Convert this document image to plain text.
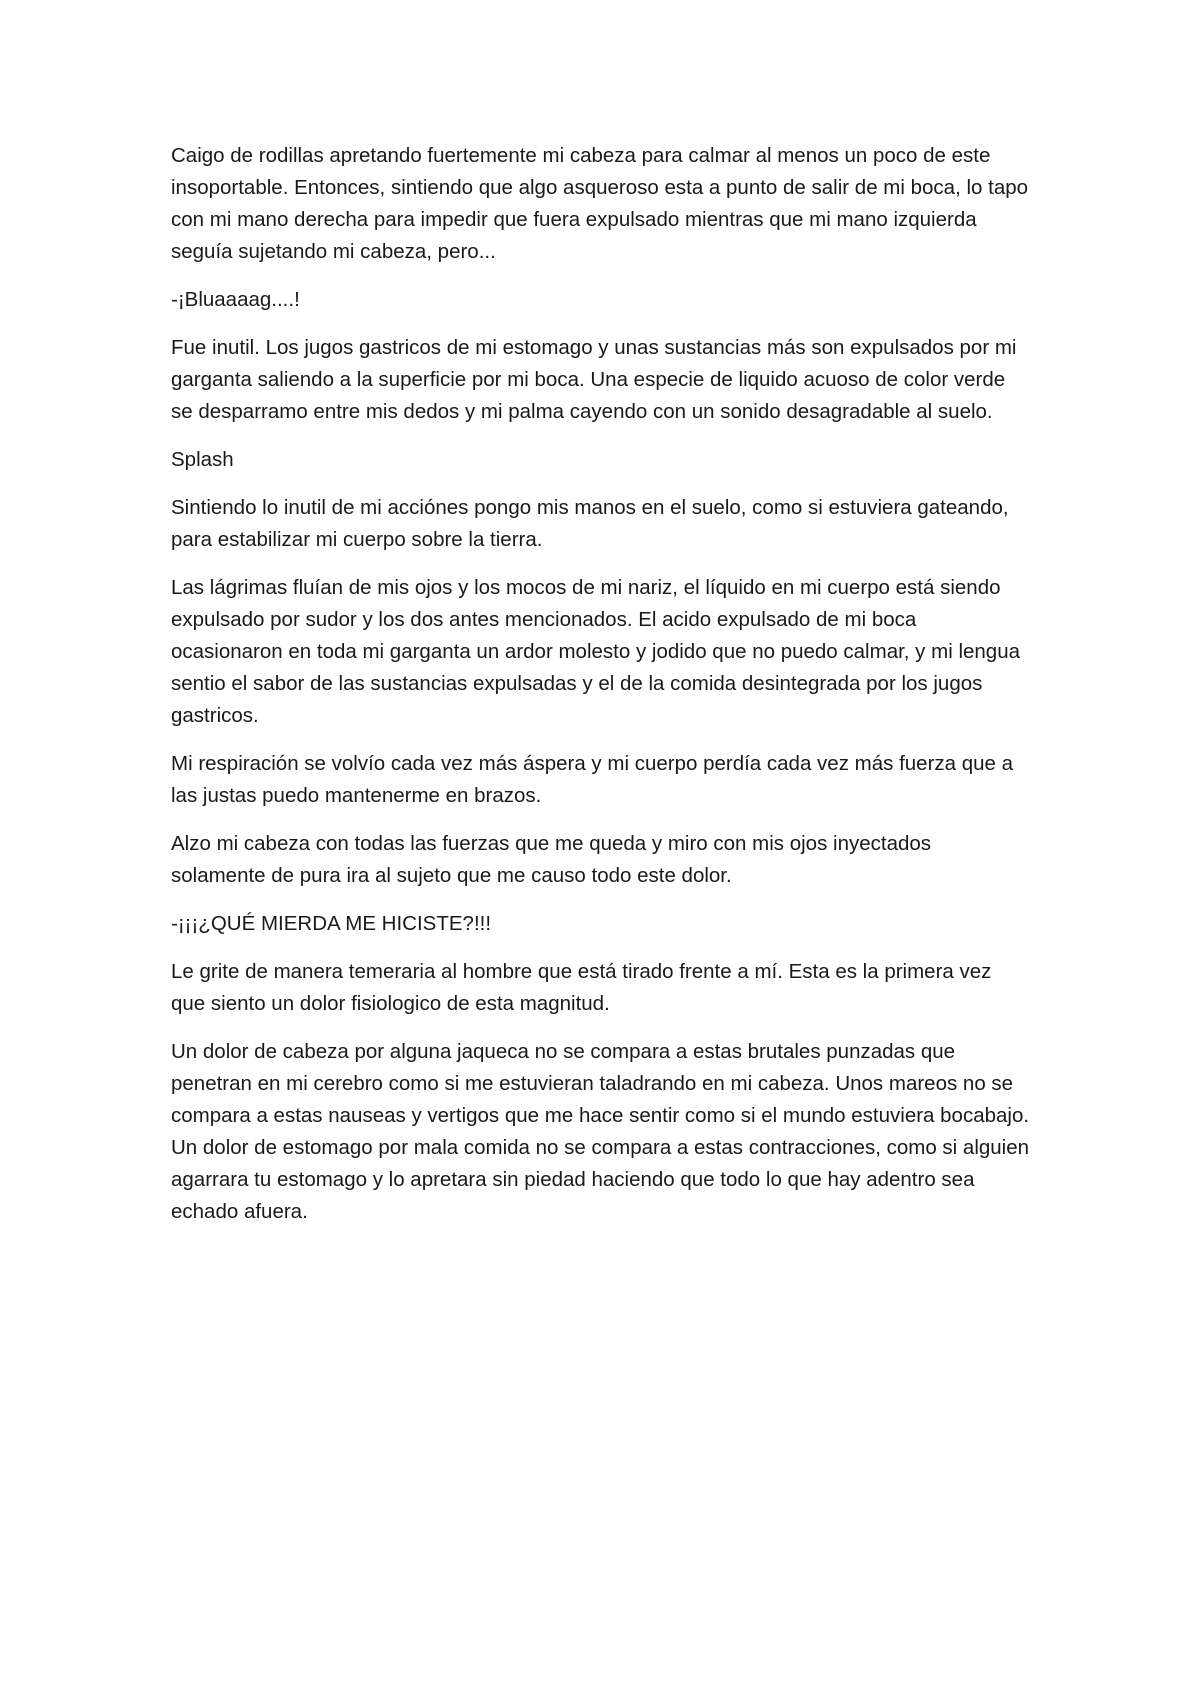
Caigo de rodillas apretando fuertemente mi cabeza para calmar al menos un poco de este insoportable. Entonces, sintiendo que algo asqueroso esta a punto de salir de mi boca, lo tapo con mi mano derecha para impedir que fuera expulsado mientras que mi mano izquierda seguía sujetando mi cabeza, pero...

-¡Bluaaaag....!

Fue inutil. Los jugos gastricos de mi estomago y unas sustancias más son expulsados por mi garganta saliendo a la superficie por mi boca. Una especie de liquido acuoso de color verde se desparramo entre mis dedos y mi palma cayendo con un sonido desagradable al suelo.

Splash

Sintiendo lo inutil de mi acciónes pongo mis manos en el suelo, como si estuviera gateando, para estabilizar mi cuerpo sobre la tierra.

Las lágrimas fluían de mis ojos y los mocos de mi nariz, el líquido en mi cuerpo está siendo expulsado por sudor y los dos antes mencionados. El acido expulsado de mi boca ocasionaron en toda mi garganta un ardor molesto y jodido que no puedo calmar, y mi lengua sentio el sabor de las sustancias expulsadas y el de la comida desintegrada por los jugos gastricos.

Mi respiración se volvío cada vez más áspera y mi cuerpo perdía cada vez más fuerza que a las justas puedo mantenerme en brazos.

Alzo mi cabeza con todas las fuerzas que me queda y miro con mis ojos inyectados solamente de pura ira al sujeto que me causo todo este dolor.

-¡¡¡¿QUÉ MIERDA ME HICISTE?!!!

Le grite de manera temeraria al hombre que está tirado frente a mí. Esta es la primera vez que siento un dolor fisiologico de esta magnitud.

Un dolor de cabeza por alguna jaqueca no se compara a estas brutales punzadas que penetran en mi cerebro como si me estuvieran taladrando en mi cabeza. Unos mareos no se compara a estas nauseas y vertigos que me hace sentir como si el mundo estuviera bocabajo. Un dolor de estomago por mala comida no se compara a estas contracciones, como si alguien agarrara tu estomago y lo apretara sin piedad haciendo que todo lo que hay adentro sea echado afuera.
